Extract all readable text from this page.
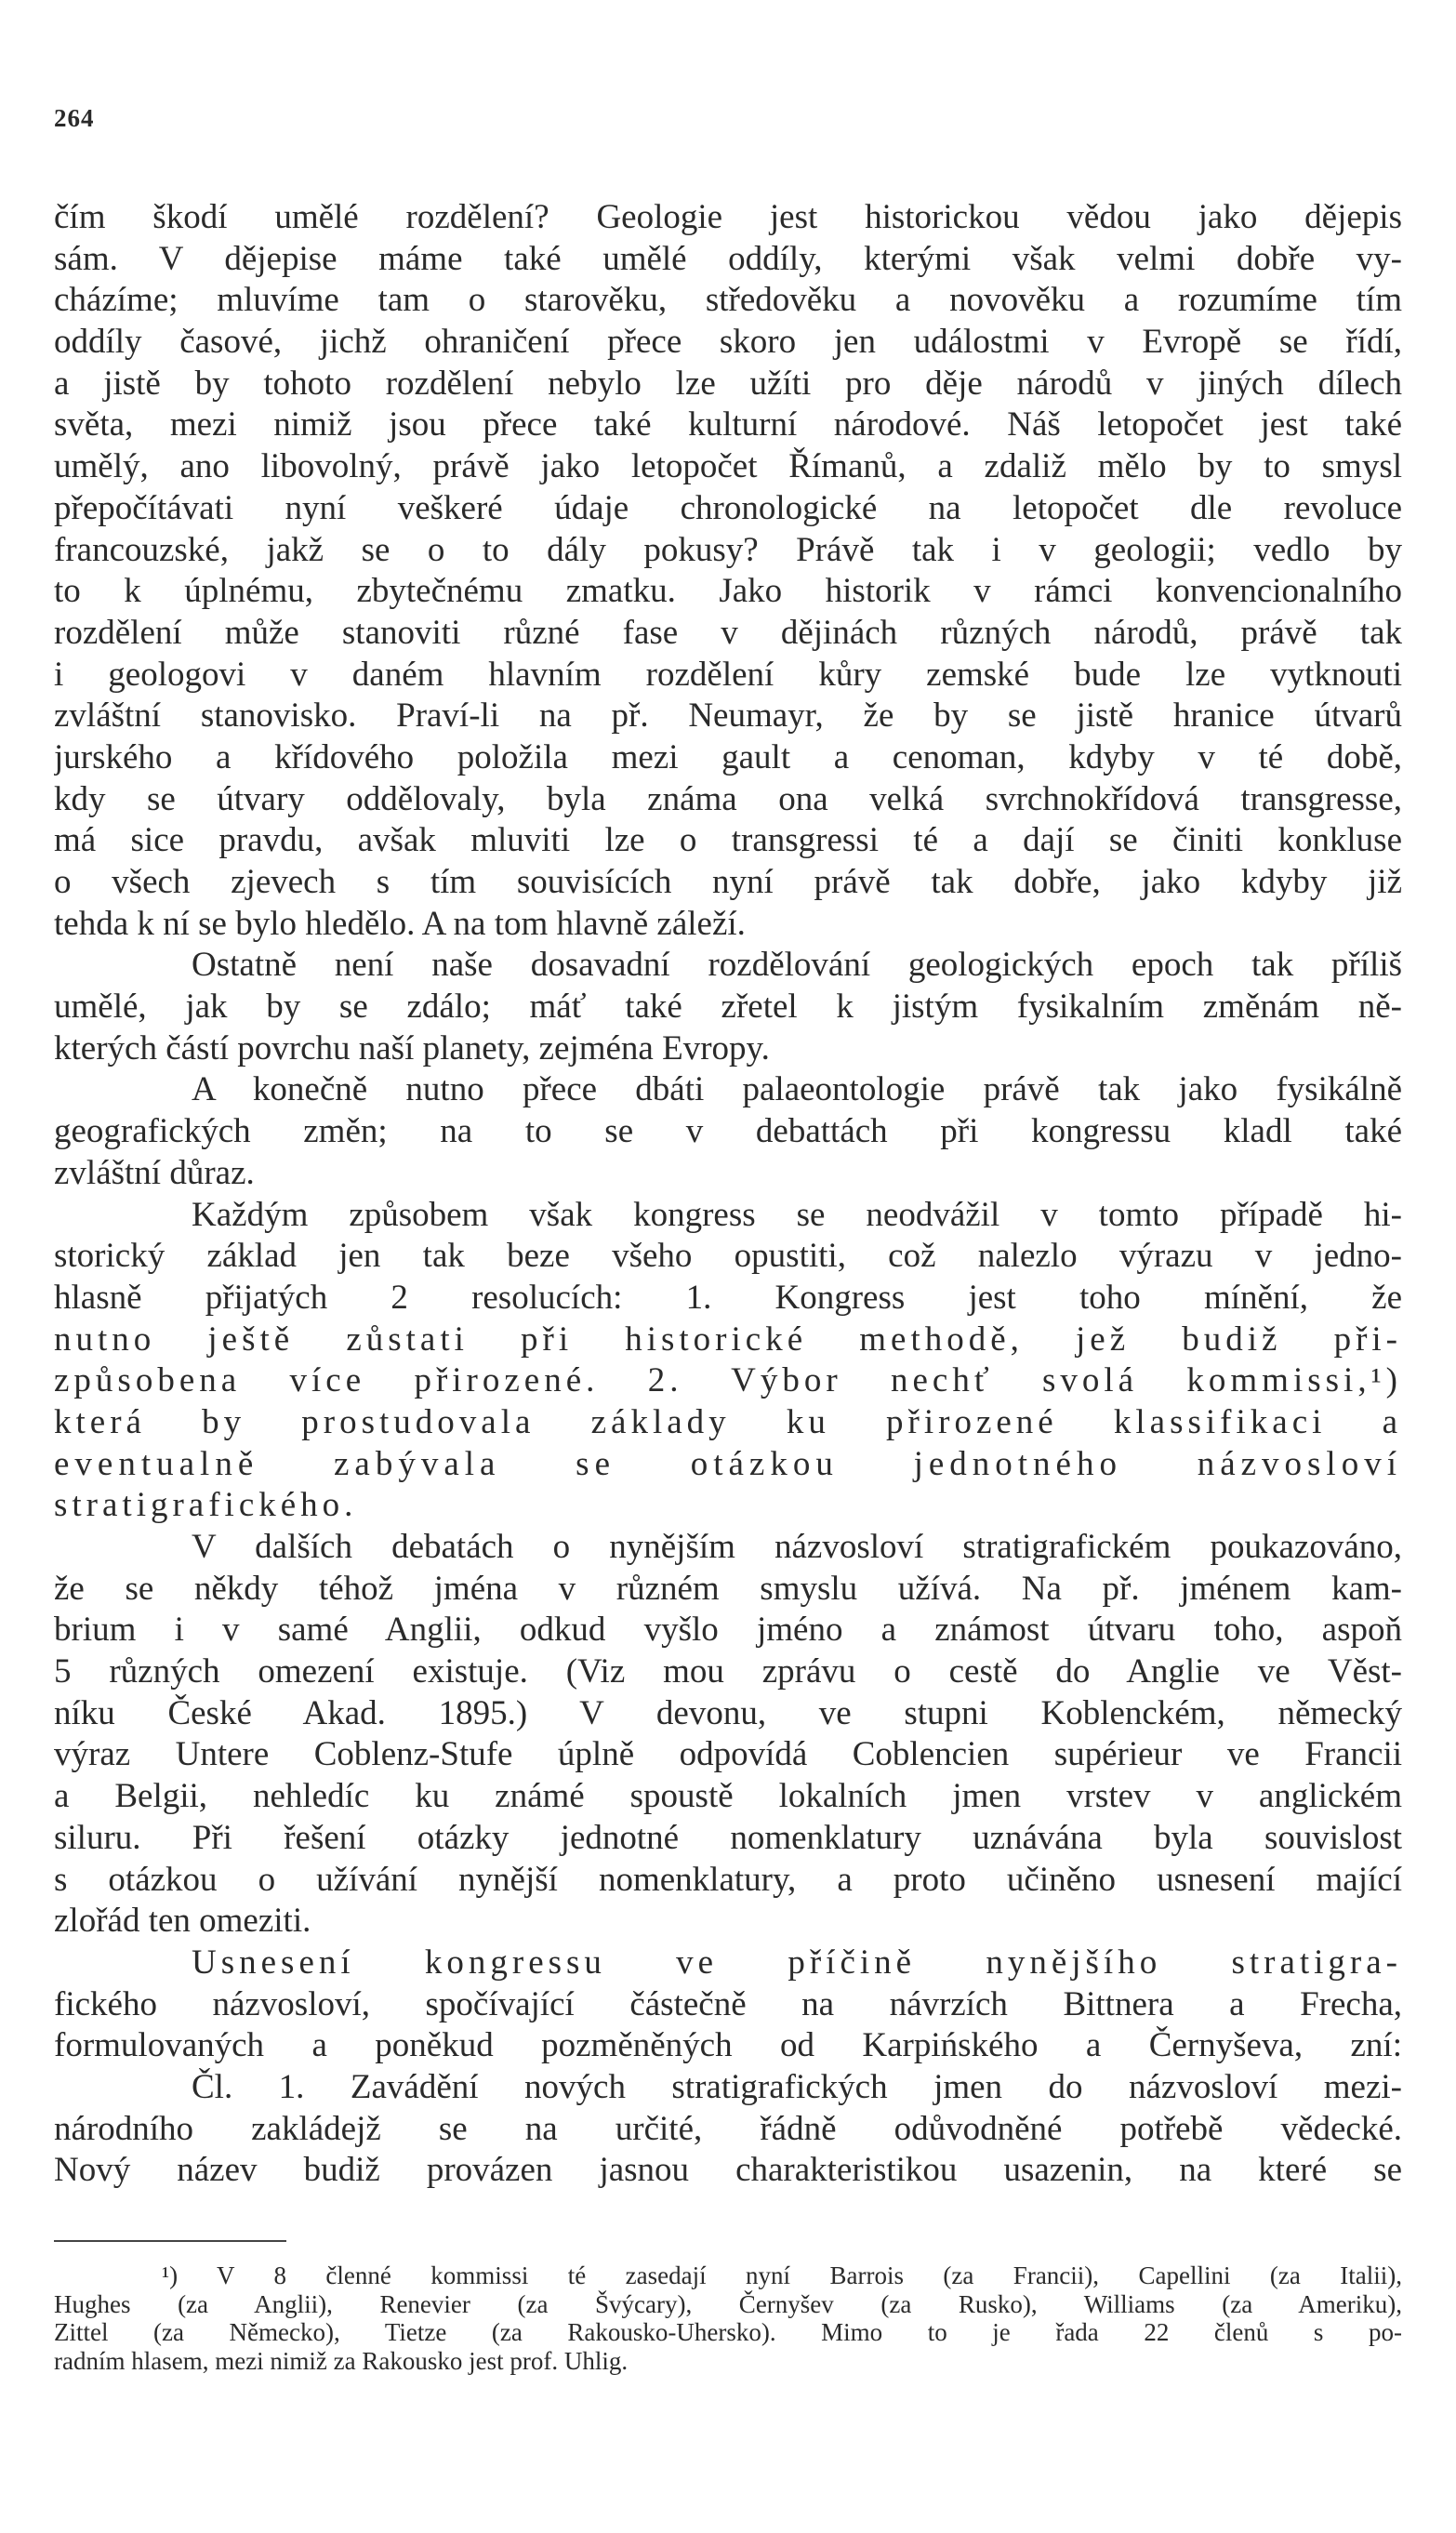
264
čím škodí umělé rozdělení? Geologie jest historickou vědou jako dějepis
sám. V dějepise máme také umělé oddíly, kterými však velmi dobře vy-
cházíme; mluvíme tam o starověku, středověku a novověku a rozumíme tím
oddíly časové, jichž ohraničení přece skoro jen událostmi v Evropě se řídí,
a jistě by tohoto rozdělení nebylo lze užíti pro děje národů v jiných dílech
světa, mezi nimiž jsou přece také kulturní národové. Náš letopočet jest také
umělý, ano libovolný, právě jako letopočet Římanů, a zdaliž mělo by to smysl
přepočítávati nyní veškeré údaje chronologické na letopočet dle revoluce
francouzské, jakž se o to dály pokusy? Právě tak i v geologii; vedlo by
to k úplnému, zbytečnému zmatku. Jako historik v rámci konvencionalního
rozdělení může stanoviti různé fase v dějinách různých národů, právě tak
i geologovi v daném hlavním rozdělení kůry zemské bude lze vytknouti
zvláštní stanovisko. Praví-li na př. Neumayr, že by se jistě hranice útvarů
jurského a křídového položila mezi gault a cenoman, kdyby v té době,
kdy se útvary oddělovaly, byla známa ona velká svrchnokřídová transgresse,
má sice pravdu, avšak mluviti lze o transgressi té a dají se činiti konkluse
o všech zjevech s tím souvisících nyní právě tak dobře, jako kdyby již
tehda k ní se bylo hledělo. A na tom hlavně záleží.
Ostatně není naše dosavadní rozdělování geologických epoch tak příliš
umělé, jak by se zdálo; máť také zřetel k jistým fysikalním změnám ně-
kterých částí povrchu naší planety, zejména Evropy.
A konečně nutno přece dbáti palaeontologie právě tak jako fysikálně
geografických změn; na to se v debattách při kongressu kladl také
zvláštní důraz.
Každým způsobem však kongress se neodvážil v tomto případě hi-
storický základ jen tak beze všeho opustiti, což nalezlo výrazu v jedno-
hlasně přijatých 2 resolucích: 1. Kongress jest toho mínění, že
nutno ještě zůstati při historické methodě, jež budiž při-
způsobena více přirozené. 2. Výbor nechť svolá kommissi,¹)
která by prostudovala základy ku přirozené klassifikaci a
eventualně zabývala se otázkou jednotného názvosloví
stratigrafického.
V dalších debatách o nynějším názvosloví stratigrafickém poukazováno,
že se někdy téhož jména v různém smyslu užívá. Na př. jménem kam-
brium i v samé Anglii, odkud vyšlo jméno a známost útvaru toho, aspoň
5 různých omezení existuje. (Viz mou zprávu o cestě do Anglie ve Věst-
níku České Akad. 1895.) V devonu, ve stupni Koblenckém, německý
výraz Untere Coblenz-Stufe úplně odpovídá Coblencien supérieur ve Francii
a Belgii, nehledíc ku známé spoustě lokalních jmen vrstev v anglickém
siluru. Při řešení otázky jednotné nomenklatury uznávána byla souvislost
s otázkou o užívání nynější nomenklatury, a proto učiněno usnesení mající
zlořád ten omeziti.
Usnesení kongressu ve příčině nynějšího stratigra-
fického názvosloví, spočívající částečně na návrzích Bittnera a Frecha,
formulovaných a poněkud pozměněných od Karpińského a Černyševa, zní:
Čl. 1. Zavádění nových stratigrafických jmen do názvosloví mezi-
národního zakládejž se na určité, řádně odůvodněné potřebě vědecké.
Nový název budiž provázen jasnou charakteristikou usazenin, na které se
¹) V 8 členné kommissi té zasedají nyní Barrois (za Francii), Capellini (za Italii),
Hughes (za Anglii), Renevier (za Švýcary), Černyšev (za Rusko), Williams (za Ameriku),
Zittel (za Německo), Tietze (za Rakousko-Uhersko). Mimo to je řada 22 členů s po-
radním hlasem, mezi nimiž za Rakousko jest prof. Uhlig.
